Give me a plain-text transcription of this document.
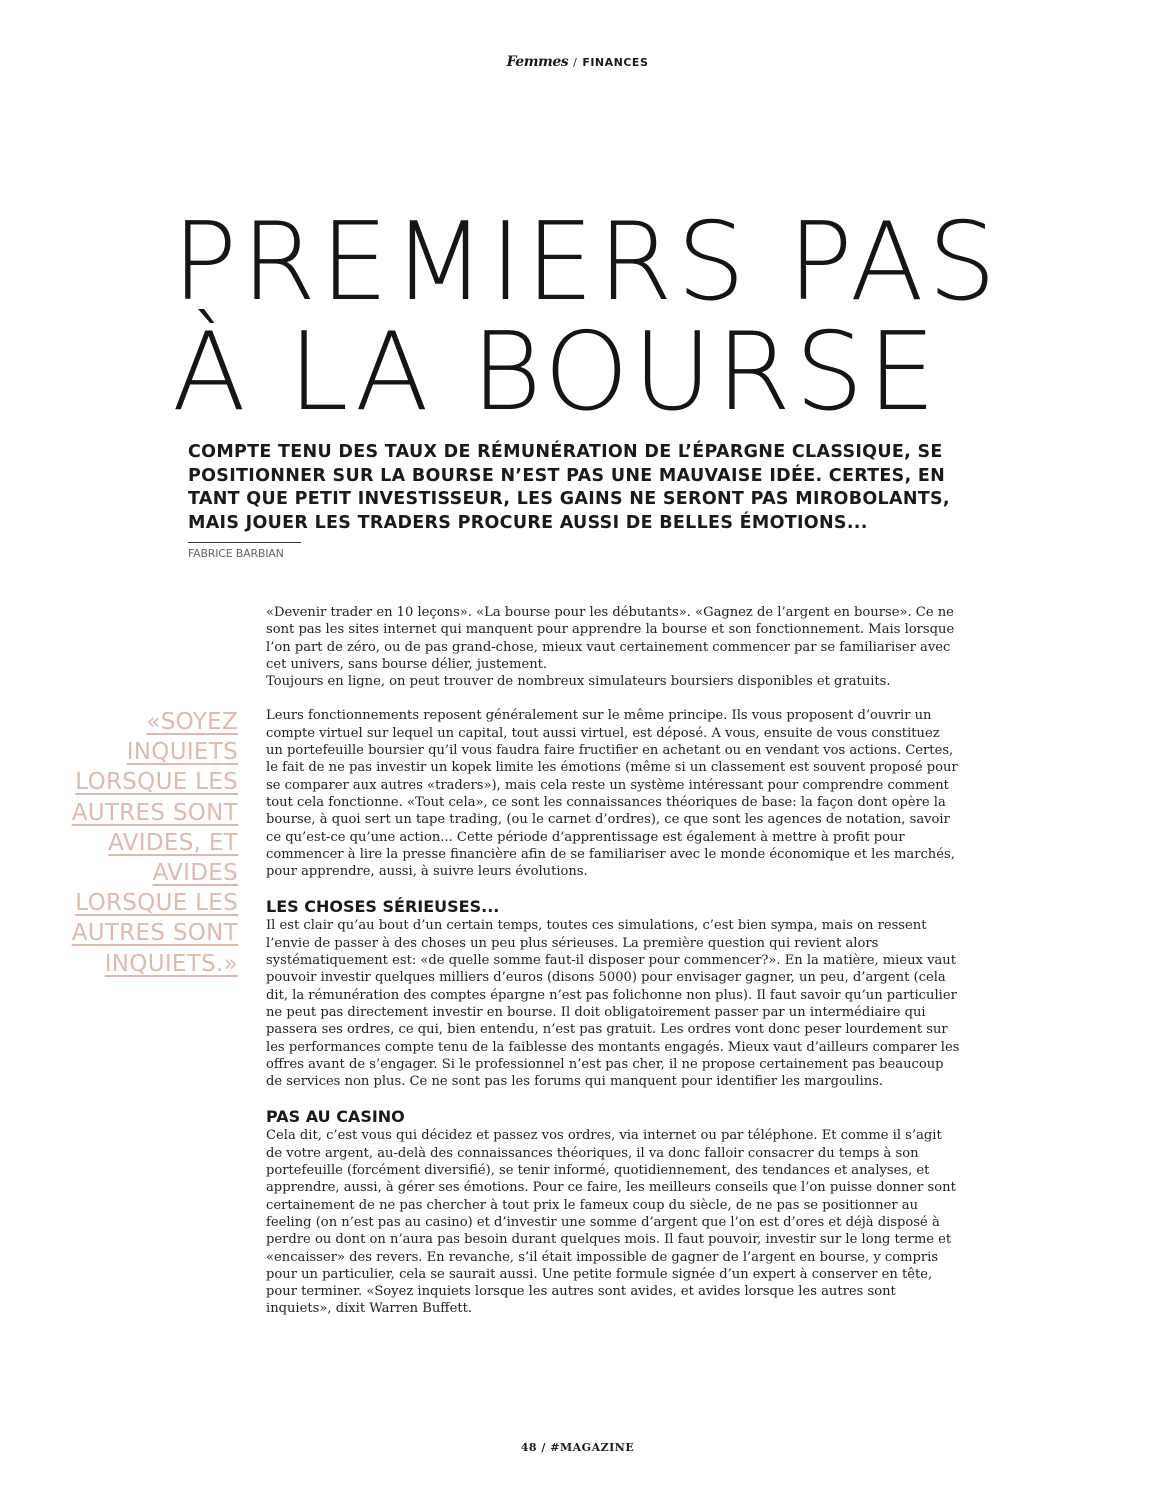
Femmes / FINANCES
PREMIERS PAS
À LA BOURSE
COMPTE TENU DES TAUX DE RÉMUNÉRATION DE L’ÉPARGNE CLASSIQUE, SE POSITIONNER SUR LA BOURSE N’EST PAS UNE MAUVAISE IDÉE. CERTES, EN TANT QUE PETIT INVESTISSEUR, LES GAINS NE SERONT PAS MIROBOLANTS, MAIS JOUER LES TRADERS PROCURE AUSSI DE BELLES ÉMOTIONS...
FABRICE BARBIAN
«SOYEZ INQUIETS LORSQUE LES AUTRES SONT AVIDES, ET AVIDES LORSQUE LES AUTRES SONT INQUIETS.»

«Devenir trader en 10 leçons». «La bourse pour les débutants». «Gagnez de l’argent en bourse». Ce ne sont pas les sites internet qui manquent pour apprendre la bourse et son fonctionnement. Mais lorsque l’on part de zéro, ou de pas grand-chose, mieux vaut certainement commencer par se familiariser avec cet univers, sans bourse délier, justement.

Toujours en ligne, on peut trouver de nombreux simulateurs boursiers disponibles et gratuits.

Leurs fonctionnements reposent généralement sur le même principe. Ils vous proposent d’ouvrir un compte virtuel sur lequel un capital, tout aussi virtuel, est déposé. A vous, ensuite de vous constituez un portefeuille boursier qu’il vous faudra faire fructifier en achetant ou en vendant vos actions. Certes, le fait de ne pas investir un kopek limite les émotions (même si un classement est souvent proposé pour se comparer aux autres «traders»), mais cela reste un système intéressant pour comprendre comment tout cela fonctionne. «Tout cela», ce sont les connaissances théoriques de base: la façon dont opère la bourse, à quoi sert un tape trading, (ou le carnet d’ordres), ce que sont les agences de notation, savoir ce qu’est-ce qu’une action... Cette période d’apprentissage est également à mettre à profit pour commencer à lire la presse financière afin de se familiariser avec le monde économique et les marchés, pour apprendre, aussi, à suivre leurs évolutions.

LES CHOSES SÉRIEUSES...

Il est clair qu’au bout d’un certain temps, toutes ces simulations, c’est bien sympa, mais on ressent l’envie de passer à des choses un peu plus sérieuses. La première question qui revient alors systématiquement est: «de quelle somme faut-il disposer pour commencer?». En la matière, mieux vaut pouvoir investir quelques milliers d’euros (disons 5000) pour envisager gagner, un peu, d’argent (cela dit, la rémunération des comptes épargne n’est pas folichonne non plus). Il faut savoir qu’un particulier ne peut pas directement investir en bourse. Il doit obligatoirement passer par un intermédiaire qui passera ses ordres, ce qui, bien entendu, n’est pas gratuit. Les ordres vont donc peser lourdement sur les performances compte tenu de la faiblesse des montants engagés. Mieux vaut d’ailleurs comparer les offres avant de s’engager. Si le professionnel n’est pas cher, il ne propose certainement pas beaucoup de services non plus. Ce ne sont pas les forums qui manquent pour identifier les margoulins.

PAS AU CASINO

Cela dit, c’est vous qui décidez et passez vos ordres, via internet ou par téléphone. Et comme il s’agit de votre argent, au-delà des connaissances théoriques, il va donc falloir consacrer du temps à son portefeuille (forcément diversifié), se tenir informé, quotidiennement, des tendances et analyses, et apprendre, aussi, à gérer ses émotions. Pour ce faire, les meilleurs conseils que l’on puisse donner sont certainement de ne pas chercher à tout prix le fameux coup du siècle, de ne pas se positionner au feeling (on n’est pas au casino) et d’investir une somme d’argent que l’on est d’ores et déjà disposé à perdre ou dont on n’aura pas besoin durant quelques mois. Il faut pouvoir, investir sur le long terme et «encaisser» des revers. En revanche, s’il était impossible de gagner de l’argent en bourse, y compris pour un particulier, cela se saurait aussi. Une petite formule signée d’un expert à conserver en tête, pour terminer. «Soyez inquiets lorsque les autres sont avides, et avides lorsque les autres sont inquiets», dixit Warren Buffett.

48 / #MAGAZINE
